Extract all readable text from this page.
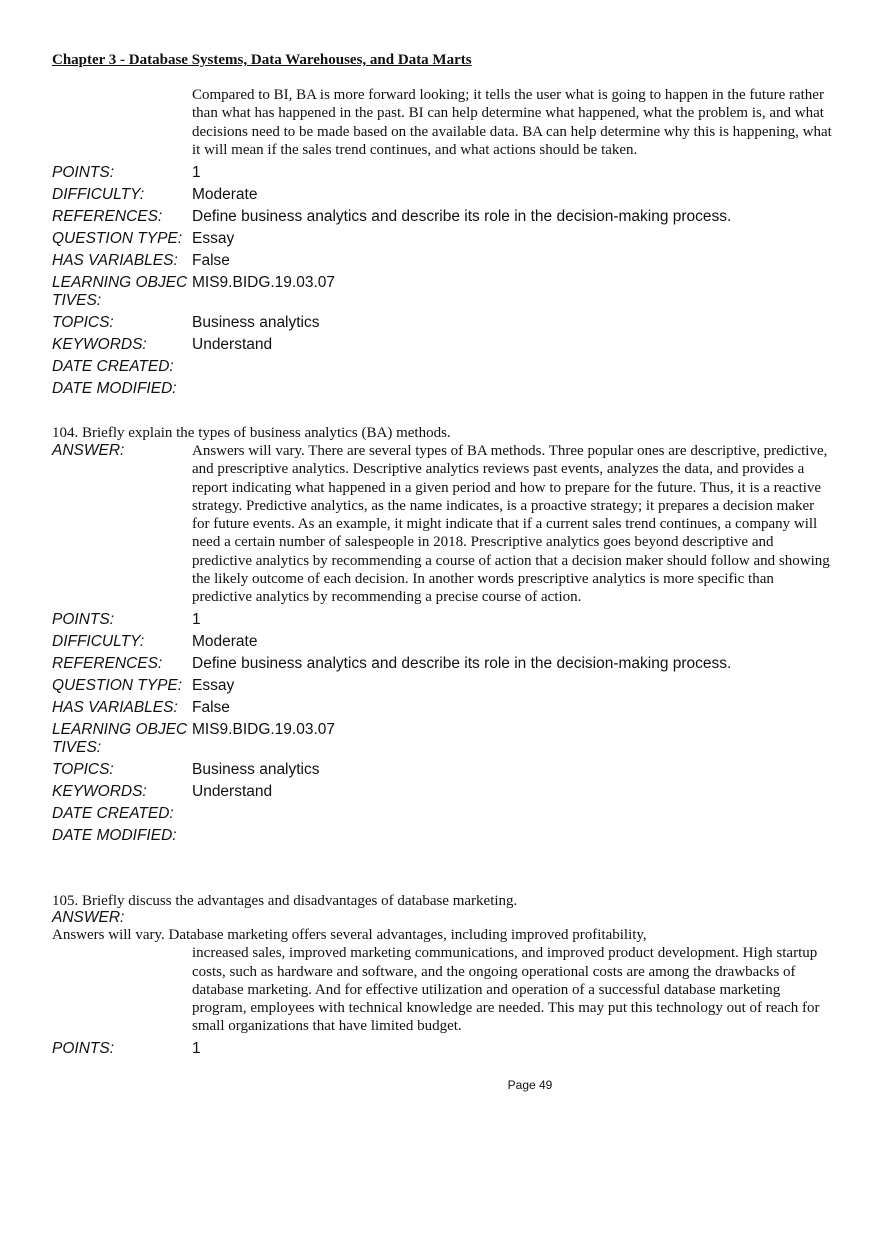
Chapter 3 - Database Systems, Data Warehouses, and Data Marts
Compared to BI, BA is more forward looking; it tells the user what is going to happen in the future rather than what has happened in the past. BI can help determine what happened, what the problem is, and what decisions need to be made based on the available data. BA can help determine why this is happening, what it will mean if the sales trend continues, and what actions should be taken.
POINTS:	1
DIFFICULTY:	Moderate
REFERENCES:	Define business analytics and describe its role in the decision-making process.
QUESTION TYPE: Essay
HAS VARIABLES: False
LEARNING OBJEC
TIVES:
MIS9.BIDG.19.03.07
TOPICS:	Business analytics
KEYWORDS:	Understand
DATE CREATED:
DATE MODIFIED:
104. Briefly explain the types of business analytics (BA) methods.
ANSWER:	Answers will vary. There are several types of BA methods. Three popular ones are descriptive, predictive, and prescriptive analytics. Descriptive analytics reviews past events, analyzes the data, and provides a report indicating what happened in a given period and how to prepare for the future. Thus, it is a reactive strategy. Predictive analytics, as the name indicates, is a proactive strategy; it prepares a decision maker for future events. As an example, it might indicate that if a current sales trend continues, a company will need a certain number of salespeople in 2018. Prescriptive analytics goes beyond descriptive and predictive analytics by recommending a course of action that a decision maker should follow and showing the likely outcome of each decision. In another words prescriptive analytics is more specific than predictive analytics by recommending a precise course of action.
POINTS:	1
DIFFICULTY:	Moderate
REFERENCES:	Define business analytics and describe its role in the decision-making process.
QUESTION TYPE: Essay
HAS VARIABLES: False
LEARNING OBJEC
TIVES:
MIS9.BIDG.19.03.07
TOPICS:	Business analytics
KEYWORDS:	Understand
DATE CREATED:
DATE MODIFIED:
105. Briefly discuss the advantages and disadvantages of database marketing.
ANSWER:
Answers will vary. Database marketing offers several advantages, including improved profitability,
increased sales, improved marketing communications, and improved product development. High startup costs, such as hardware and software, and the ongoing operational costs are among the drawbacks of database marketing. And for effective utilization and operation of a successful database marketing program, employees with technical knowledge are needed. This may put this technology out of reach for small organizations that have limited budget.
POINTS:	1
Page 49
